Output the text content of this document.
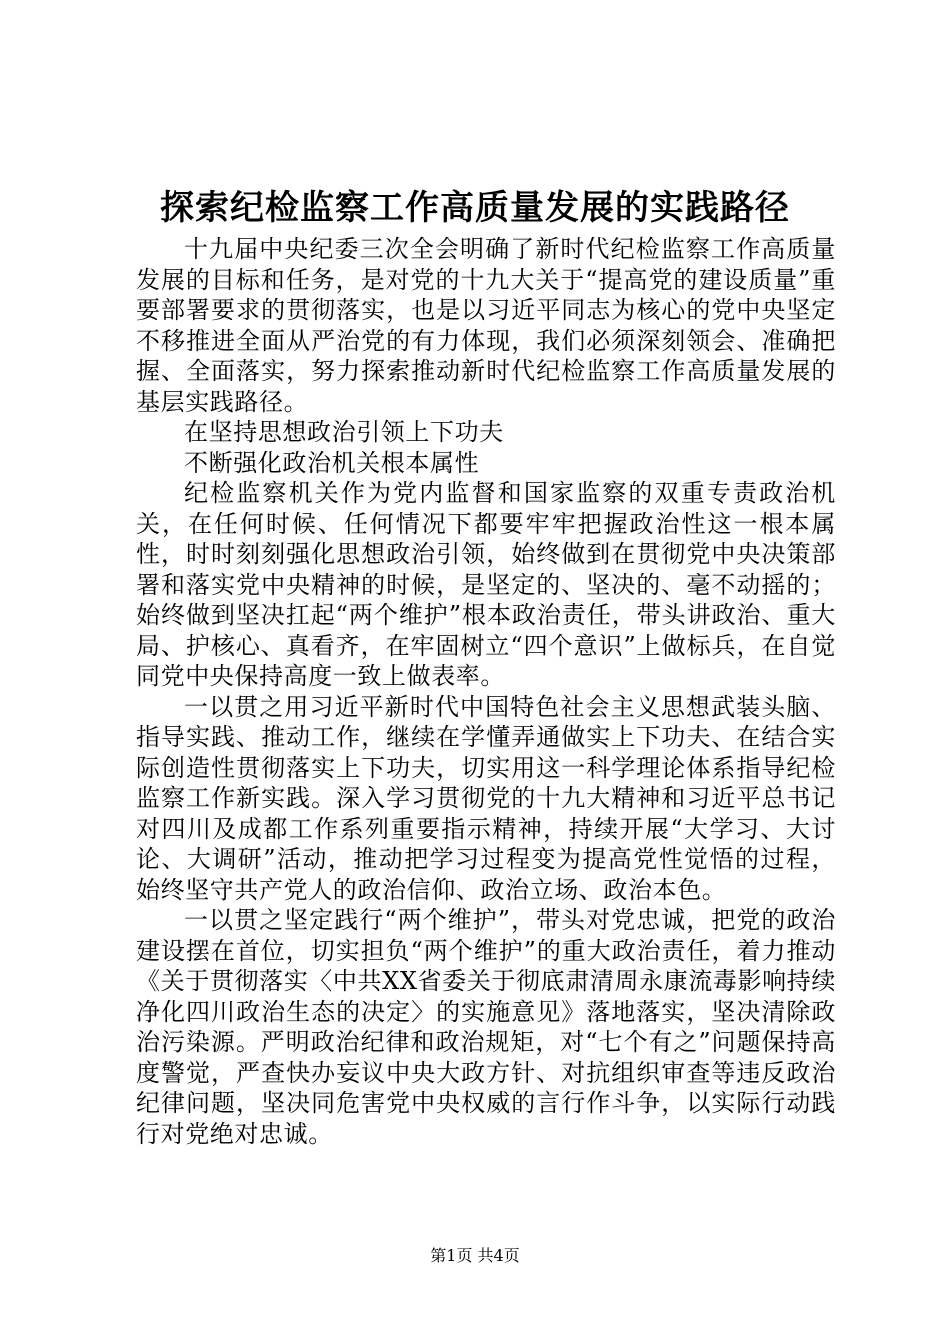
探索纪检监察工作高质量发展的实践路径

十九届中央纪委三次全会明确了新时代纪检监察工作高质量发展的目标和任务，是对党的十九大关于“提高党的建设质量”重要部署要求的贯彻落实，也是以习近平同志为核心的党中央坚定不移推进全面从严治党的有力体现，我们必须深刻领会、准确把握、全面落实，努力探索推动新时代纪检监察工作高质量发展的基层实践路径。

在坚持思想政治引领上下功夫

不断强化政治机关根本属性

纪检监察机关作为党内监督和国家监察的双重专责政治机关，在任何时候、任何情况下都要牢牢把握政治性这一根本属性，时时刻刻强化思想政治引领，始终做到在贯彻党中央决策部署和落实党中央精神的时候，是坚定的、坚决的、毫不动摇的；始终做到坚决扛起“两个维护”根本政治责任，带头讲政治、重大局、护核心、真看齐，在牢固树立“四个意识”上做标兵，在自觉同党中央保持高度一致上做表率。

一以贯之用习近平新时代中国特色社会主义思想武装头脑、指导实践、推动工作，继续在学懂弄通做实上下功夫、在结合实际创造性贯彻落实上下功夫，切实用这一科学理论体系指导纪检监察工作新实践。深入学习贯彻党的十九大精神和习近平总书记对四川及成都工作系列重要指示精神，持续开展“大学习、大讨论、大调研”活动，推动把学习过程变为提高党性觉悟的过程，始终坚守共产党人的政治信仰、政治立场、政治本色。

一以贯之坚定践行“两个维护”，带头对党忠诚，把党的政治建设摆在首位，切实担负“两个维护”的重大政治责任，着力推动《关于贯彻落实〈中共XX省委关于彻底肃清周永康流毒影响持续净化四川政治生态的决定〉的实施意见》落地落实，坚决清除政治污染源。严明政治纪律和政治规矩，对“七个有之”问题保持高度警觉，严查快办妄议中央大政方针、对抗组织审查等违反政治纪律问题，坚决同危害党中央权威的言行作斗争，以实际行动践行对党绝对忠诚。

第1页 共4页
